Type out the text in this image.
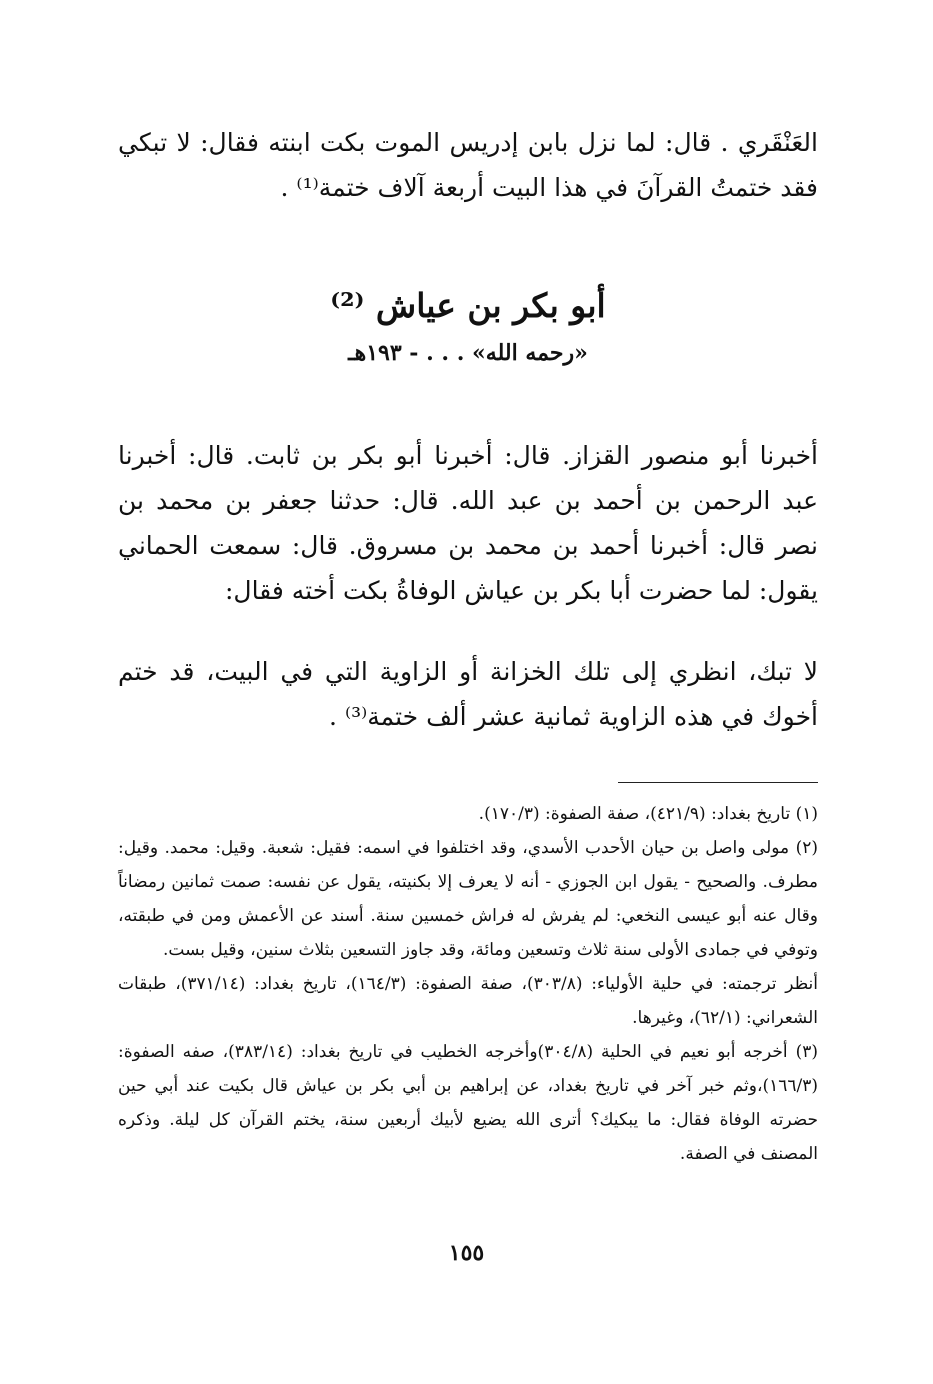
العَنْقَري . قال: لما نزل بابن إدريس الموت بكت ابنته فقال: لا تبكي فقد ختمتُ القرآنَ في هذا البيت أربعة آلاف ختمة⁽¹⁾ .

أبو بكر بن عياش ⁽²⁾

«رحمه الله» . . . - ١٩٣هـ

أخبرنا أبو منصور القزاز. قال: أخبرنا أبو بكر بن ثابت. قال: أخبرنا عبد الرحمن بن أحمد بن عبد الله. قال: حدثنا جعفر بن محمد بن نصر قال: أخبرنا أحمد بن محمد بن مسروق. قال: سمعت الحماني يقول: لما حضرت أبا بكر بن عياش الوفاةُ بكت أخته فقال:

لا تبك، انظري إلى تلك الخزانة أو الزاوية التي في البيت، قد ختم أخوك في هذه الزاوية ثمانية عشر ألف ختمة⁽³⁾ .

(١) تاريخ بغداد: (٤٢١/٩)، صفة الصفوة: (١٧٠/٣).

(٢) مولى واصل بن حيان الأحدب الأسدي، وقد اختلفوا في اسمه: فقيل: شعبة. وقيل: محمد. وقيل: مطرف. والصحيح - يقول ابن الجوزي - أنه لا يعرف إلا بكنيته، يقول عن نفسه: صمت ثمانين رمضاناً وقال عنه أبو عيسى النخعي: لم يفرش له فراش خمسين سنة. أسند عن الأعمش ومن في طبقته، وتوفي في جمادى الأولى سنة ثلاث وتسعين ومائة، وقد جاوز التسعين بثلاث سنين، وقيل بست.

أنظر ترجمته: في حلية الأولياء: (٣٠٣/٨)، صفة الصفوة: (١٦٤/٣)، تاريخ بغداد: (٣٧١/١٤)، طبقات الشعراني: (٦٢/١)، وغيرها.

(٣) أخرجه أبو نعيم في الحلية (٣٠٤/٨)وأخرجه الخطيب في تاريخ بغداد: (٣٨٣/١٤)، صفه الصفوة: (١٦٦/٣)،وثم خبر آخر في تاريخ بغداد، عن إبراهيم بن أبي بكر بن عياش قال بكيت عند أبي حين حضرته الوفاة فقال: ما يبكيك؟ أترى الله يضيع لأبيك أربعين سنة، يختم القرآن كل ليلة. وذكره المصنف في الصفة.

١٥٥
